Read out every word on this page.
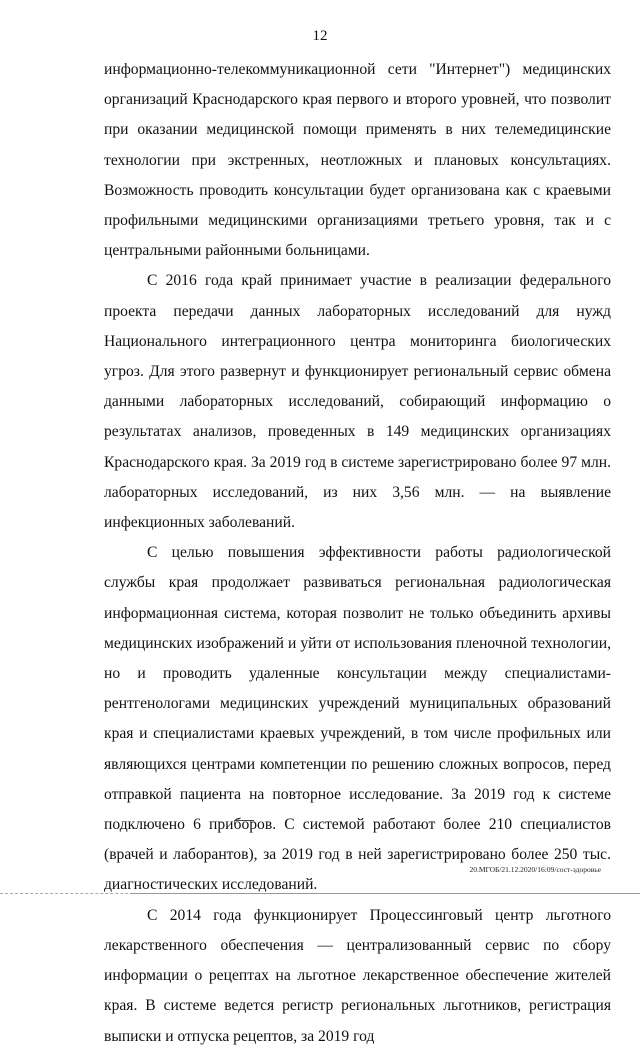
12

информационно-телекоммуникационной сети "Интернет") медицинских организаций Краснодарского края первого и второго уровней, что позволит при оказании медицинской помощи применять в них телемедицинские технологии при экстренных, неотложных и плановых консультациях. Возможность проводить консультации будет организована как с краевыми профильными медицинскими организациями третьего уровня, так и с центральными районными больницами.

С 2016 года край принимает участие в реализации федерального проекта передачи данных лабораторных исследований для нужд Национального интеграционного центра мониторинга биологических угроз. Для этого развернут и функционирует региональный сервис обмена данными лабораторных исследований, собирающий информацию о результатах анализов, проведенных в 149 медицинских организациях Краснодарского края. За 2019 год в системе зарегистрировано более 97 млн. лабораторных исследований, из них 3,56 млн. — на выявление инфекционных заболеваний.

С целью повышения эффективности работы радиологической службы края продолжает развиваться региональная радиологическая информационная система, которая позволит не только объединить архивы медицинских изображений и уйти от использования пленочной технологии, но и проводить удаленные консультации между специалистами-рентгенологами медицинских учреждений муниципальных образований края и специалистами краевых учреждений, в том числе профильных или являющихся центрами компетенции по решению сложных вопросов, перед отправкой пациента на повторное исследование. За 2019 год к системе подключено 6 приборов. С системой работают более 210 специалистов (врачей и лаборантов), за 2019 год в ней зарегистрировано более 250 тыс. диагностических исследований.

С 2014 года функционирует Процессинговый центр льготного лекарственного обеспечения — централизованный сервис по сбору информации о рецептах на льготное лекарственное обеспечение жителей края. В системе ведется регистр региональных льготников, регистрация выписки и отпуска рецептов, за 2019 год

20.МГОБ/21.12.2020/16:09/сост-здоровье
